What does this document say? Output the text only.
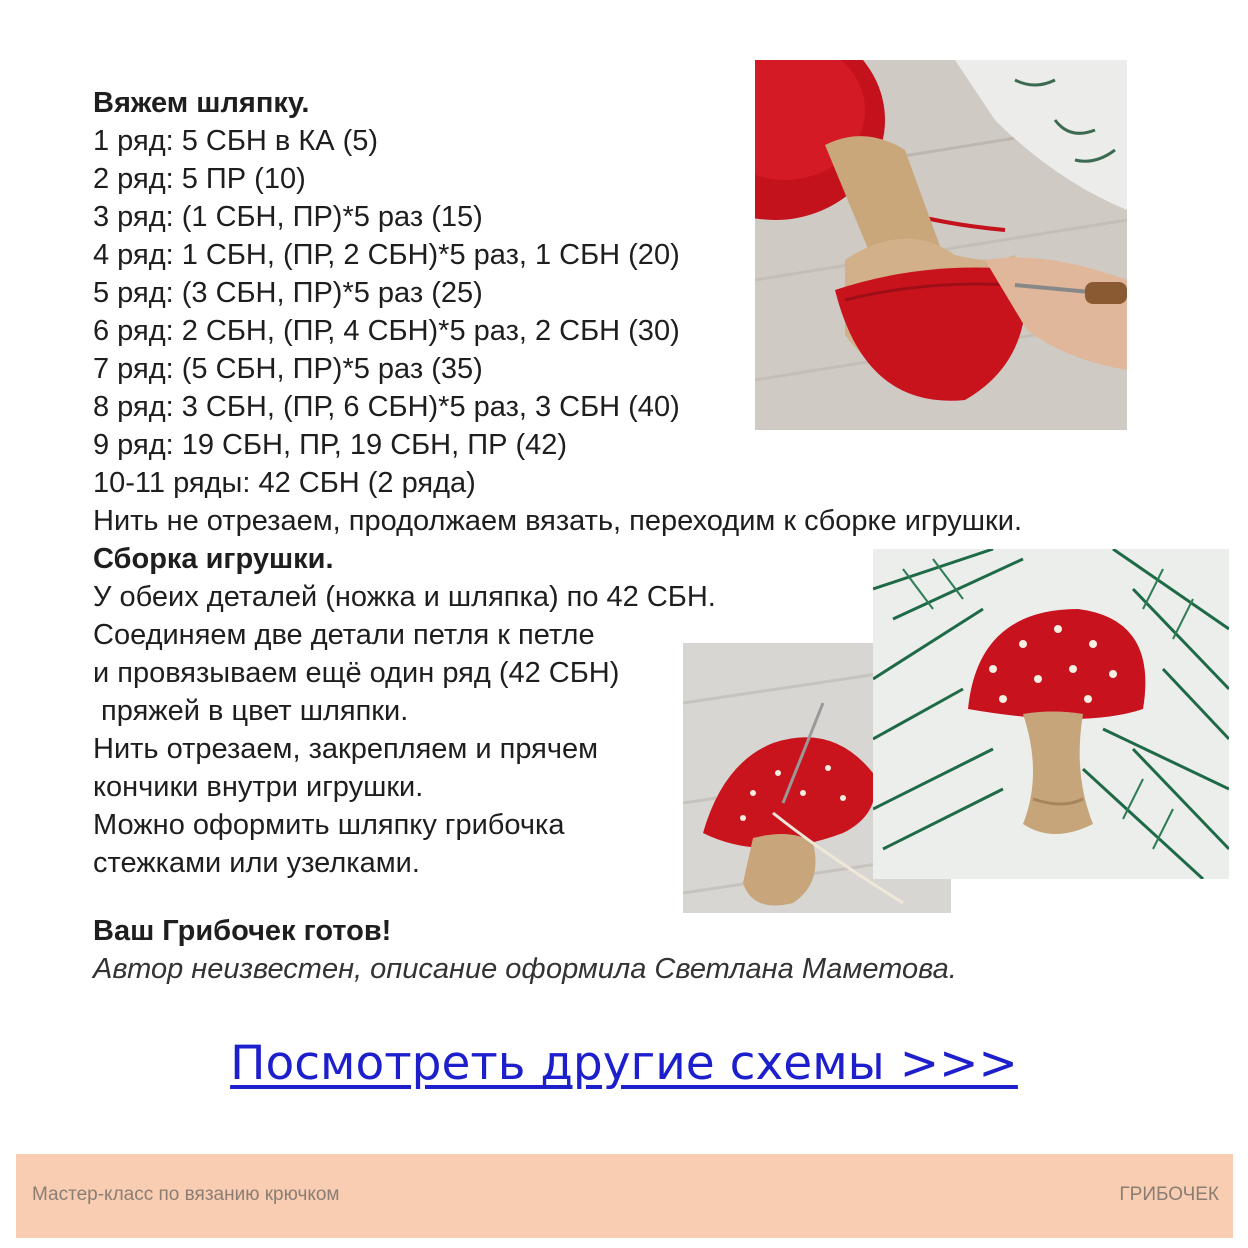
Вяжем шляпку.
1 ряд: 5 СБН в КА (5)
2 ряд: 5 ПР (10)
3 ряд: (1 СБН, ПР)*5 раз (15)
4 ряд: 1 СБН, (ПР, 2 СБН)*5 раз, 1 СБН (20)
5 ряд: (3 СБН, ПР)*5 раз (25)
6 ряд: 2 СБН, (ПР, 4 СБН)*5 раз, 2 СБН (30)
7 ряд: (5 СБН, ПР)*5 раз (35)
8 ряд: 3 СБН, (ПР, 6 СБН)*5 раз, 3 СБН (40)
9 ряд: 19 СБН, ПР, 19 СБН, ПР (42)
10-11 ряды: 42 СБН (2 ряда)
Нить не отрезаем, продолжаем вязать, переходим к сборке игрушки.
Сборка игрушки.
У обеих деталей (ножка и шляпка) по 42 СБН.
Соединяем две детали петля к петле
и провязываем ещё один ряд (42 СБН)
пряжей в цвет шляпки.
Нить отрезаем, закрепляем и прячем
кончики внутри игрушки.
Можно оформить шляпку грибочка
стежками или узелками.
Ваш Грибочек готов!
Автор неизвестен, описание оформила Светлана Маметова.
Посмотреть другие схемы >>>
Мастер-класс по вязанию крючком	ГРИБОЧЕК
